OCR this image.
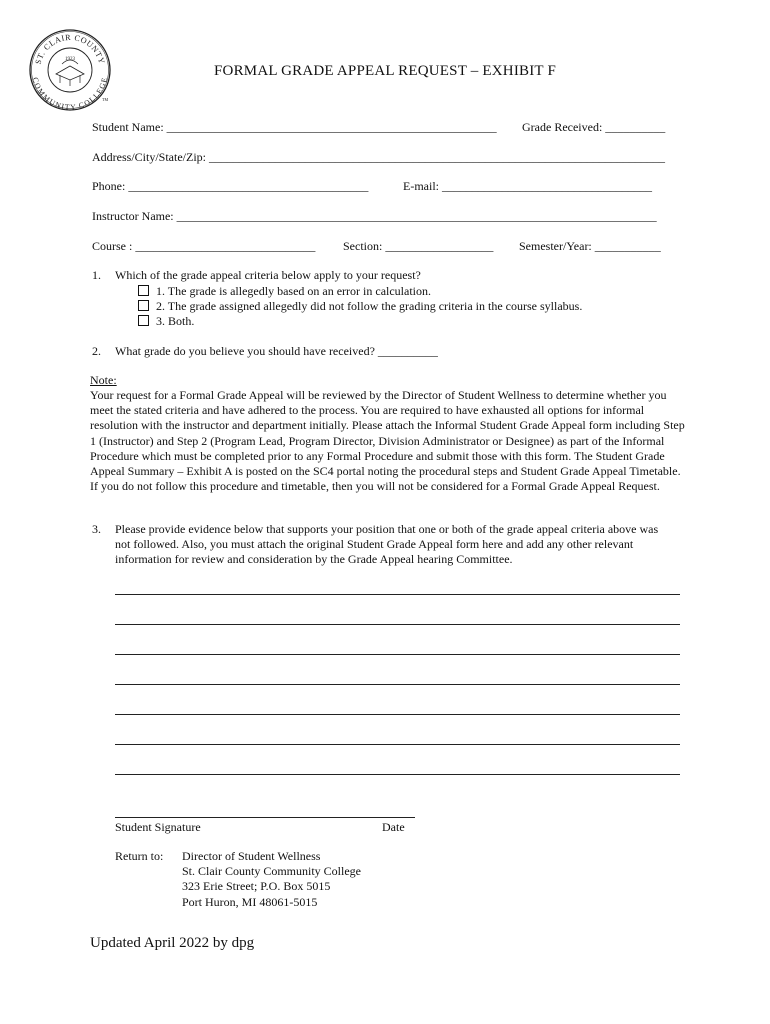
ST. CLAIR COUNTY
COMMUNITY COLLEGE
1923
TM
FORMAL GRADE APPEAL REQUEST – EXHIBIT F
Student Name: _______________________________________________________ Grade Received: __________
Address/City/State/Zip: ____________________________________________________________________________
Phone: ________________________________________	E-mail: ___________________________________
Instructor Name: ________________________________________________________________________________
Course : ______________________________ Section: __________________ Semester/Year: ___________
1. Which of the grade appeal criteria below apply to your request?
1. The grade is allegedly based on an error in calculation.
2. The grade assigned allegedly did not follow the grading criteria in the course syllabus.
3. Both.
2. What grade do you believe you should have received? __________
Note:
Your request for a Formal Grade Appeal will be reviewed by the Director of Student Wellness to determine whether you meet the stated criteria and have adhered to the process. You are required to have exhausted all options for informal resolution with the instructor and department initially. Please attach the Informal Student Grade Appeal form including Step 1 (Instructor) and Step 2 (Program Lead, Program Director, Division Administrator or Designee) as part of the Informal Procedure which must be completed prior to any Formal Procedure and submit those with this form. The Student Grade Appeal Summary – Exhibit A is posted on the SC4 portal noting the procedural steps and Student Grade Appeal Timetable. If you do not follow this procedure and timetable, then you will not be considered for a Formal Grade Appeal Request.
3. Please provide evidence below that supports your position that one or both of the grade appeal criteria above was not followed. Also, you must attach the original Student Grade Appeal form here and add any other relevant information for review and consideration by the Grade Appeal hearing Committee.
Student Signature	Date
Return to: Director of Student Wellness
St. Clair County Community College
323 Erie Street; P.O. Box 5015
Port Huron, MI 48061-5015
Updated April 2022 by dpg
